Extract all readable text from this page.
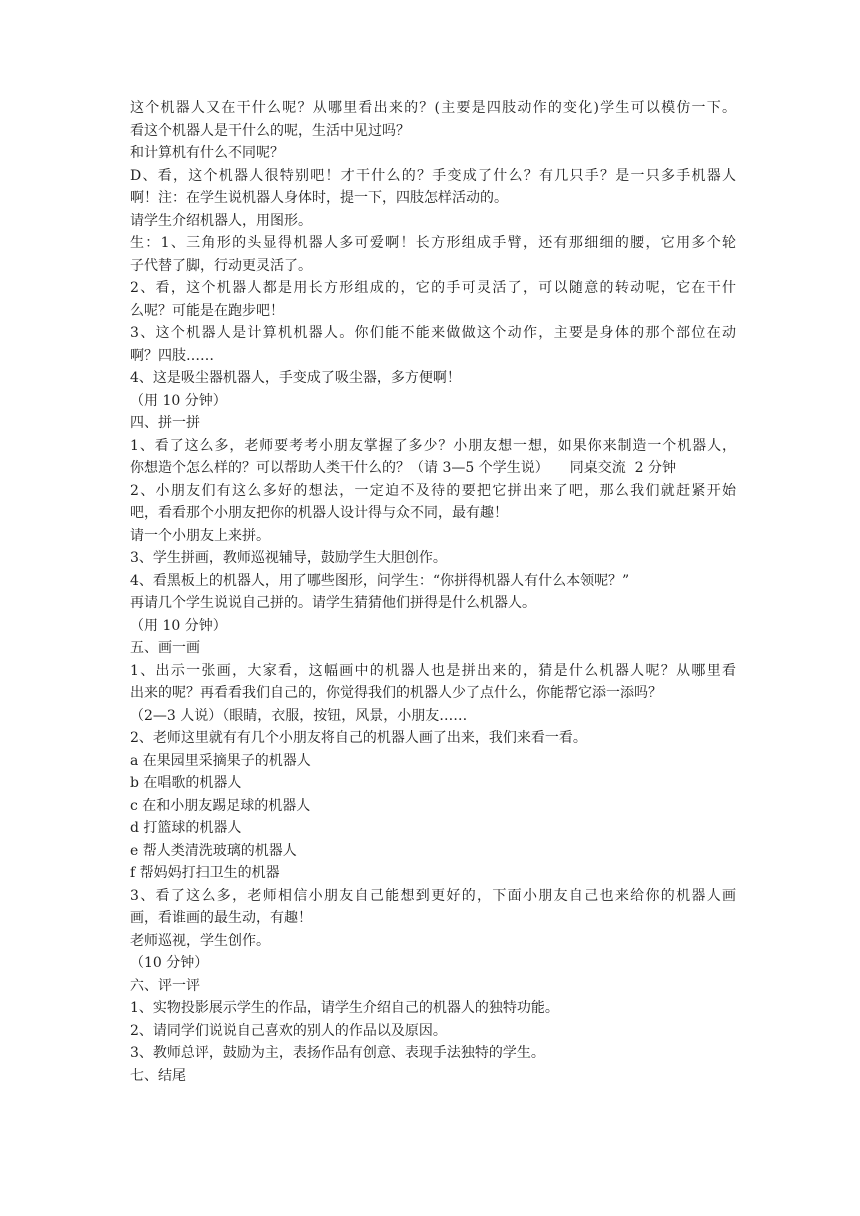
这个机器人又在干什么呢？从哪里看出来的？(主要是四肢动作的变化)学生可以模仿一下。
看这个机器人是干什么的呢，生活中见过吗？
和计算机有什么不同呢？
D、看，这个机器人很特别吧！才干什么的？手变成了什么？有几只手？是一只多手机器人
啊！注：在学生说机器人身体时，提一下，四肢怎样活动的。
请学生介绍机器人，用图形。
生：1、三角形的头显得机器人多可爱啊！长方形组成手臂，还有那细细的腰，它用多个轮
子代替了脚，行动更灵活了。
2、看，这个机器人都是用长方形组成的，它的手可灵活了，可以随意的转动呢，它在干什
么呢？可能是在跑步吧！
3、这个机器人是计算机机器人。你们能不能来做做这个动作，主要是身体的那个部位在动
啊？四肢……
4、这是吸尘器机器人，手变成了吸尘器，多方便啊！
（用 10 分钟）
四、拼一拼
1、看了这么多，老师要考考小朋友掌握了多少？小朋友想一想，如果你来制造一个机器人，
你想造个怎么样的？可以帮助人类干什么的？（请 3—5 个学生说）　　同桌交流  2 分钟
2、小朋友们有这么多好的想法，一定迫不及待的要把它拼出来了吧，那么我们就赶紧开始
吧，看看那个小朋友把你的机器人设计得与众不同，最有趣！
请一个小朋友上来拼。
3、学生拼画，教师巡视辅导，鼓励学生大胆创作。
4、看黑板上的机器人，用了哪些图形，问学生：“你拼得机器人有什么本领呢？”
再请几个学生说说自己拼的。请学生猜猜他们拼得是什么机器人。
（用 10 分钟）
五、画一画
1、出示一张画，大家看，这幅画中的机器人也是拼出来的，猜是什么机器人呢？从哪里看
出来的呢？再看看我们自己的，你觉得我们的机器人少了点什么，你能帮它添一添吗？
（2—3 人说）（眼睛，衣服，按钮，风景，小朋友……
2、老师这里就有有几个小朋友将自己的机器人画了出来，我们来看一看。
a 在果园里采摘果子的机器人
b 在唱歌的机器人
c 在和小朋友踢足球的机器人
d 打篮球的机器人
e 帮人类清洗玻璃的机器人
f 帮妈妈打扫卫生的机器
3、看了这么多，老师相信小朋友自己能想到更好的，下面小朋友自己也来给你的机器人画
画，看谁画的最生动，有趣！
老师巡视，学生创作。
（10 分钟）
六、评一评
1、实物投影展示学生的作品，请学生介绍自己的机器人的独特功能。
2、请同学们说说自己喜欢的别人的作品以及原因。
3、教师总评，鼓励为主，表扬作品有创意、表现手法独特的学生。
七、结尾
